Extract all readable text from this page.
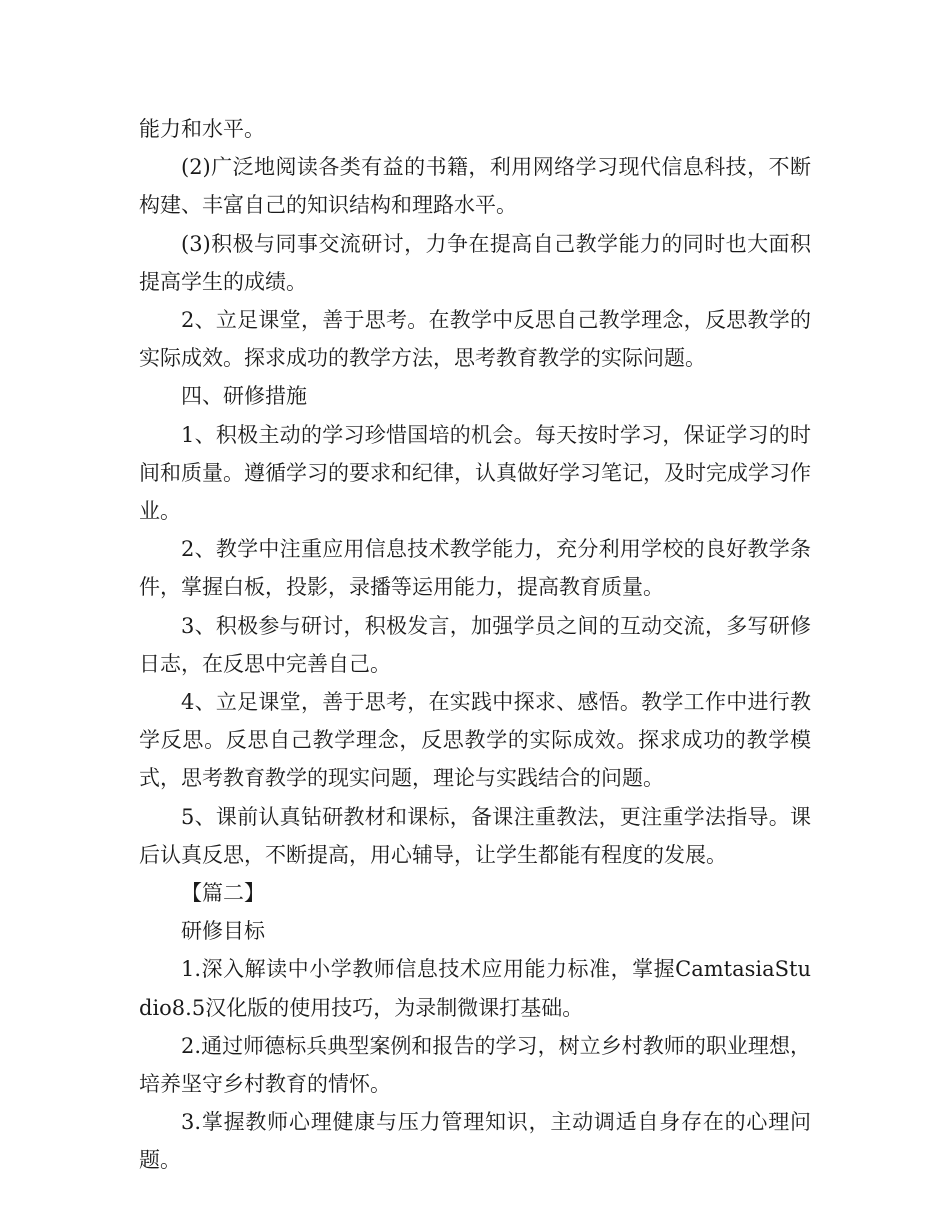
能力和水平。

(2)广泛地阅读各类有益的书籍，利用网络学习现代信息科技，不断构建、丰富自己的知识结构和理路水平。

(3)积极与同事交流研讨，力争在提高自己教学能力的同时也大面积提高学生的成绩。

2、立足课堂，善于思考。在教学中反思自己教学理念，反思教学的实际成效。探求成功的教学方法，思考教育教学的实际问题。

四、研修措施

1、积极主动的学习珍惜国培的机会。每天按时学习，保证学习的时间和质量。遵循学习的要求和纪律，认真做好学习笔记，及时完成学习作业。

2、教学中注重应用信息技术教学能力，充分利用学校的良好教学条件，掌握白板，投影，录播等运用能力，提高教育质量。

3、积极参与研讨，积极发言，加强学员之间的互动交流，多写研修日志，在反思中完善自己。

4、立足课堂，善于思考，在实践中探求、感悟。教学工作中进行教学反思。反思自己教学理念，反思教学的实际成效。探求成功的教学模式，思考教育教学的现实问题，理论与实践结合的问题。

5、课前认真钻研教材和课标，备课注重教法，更注重学法指导。课后认真反思，不断提高，用心辅导，让学生都能有程度的发展。

【篇二】

研修目标

1.深入解读中小学教师信息技术应用能力标准，掌握CamtasiaStudio8.5汉化版的使用技巧，为录制微课打基础。

2.通过师德标兵典型案例和报告的学习，树立乡村教师的职业理想，培养坚守乡村教育的情怀。

3.掌握教师心理健康与压力管理知识，主动调适自身存在的心理问题。
